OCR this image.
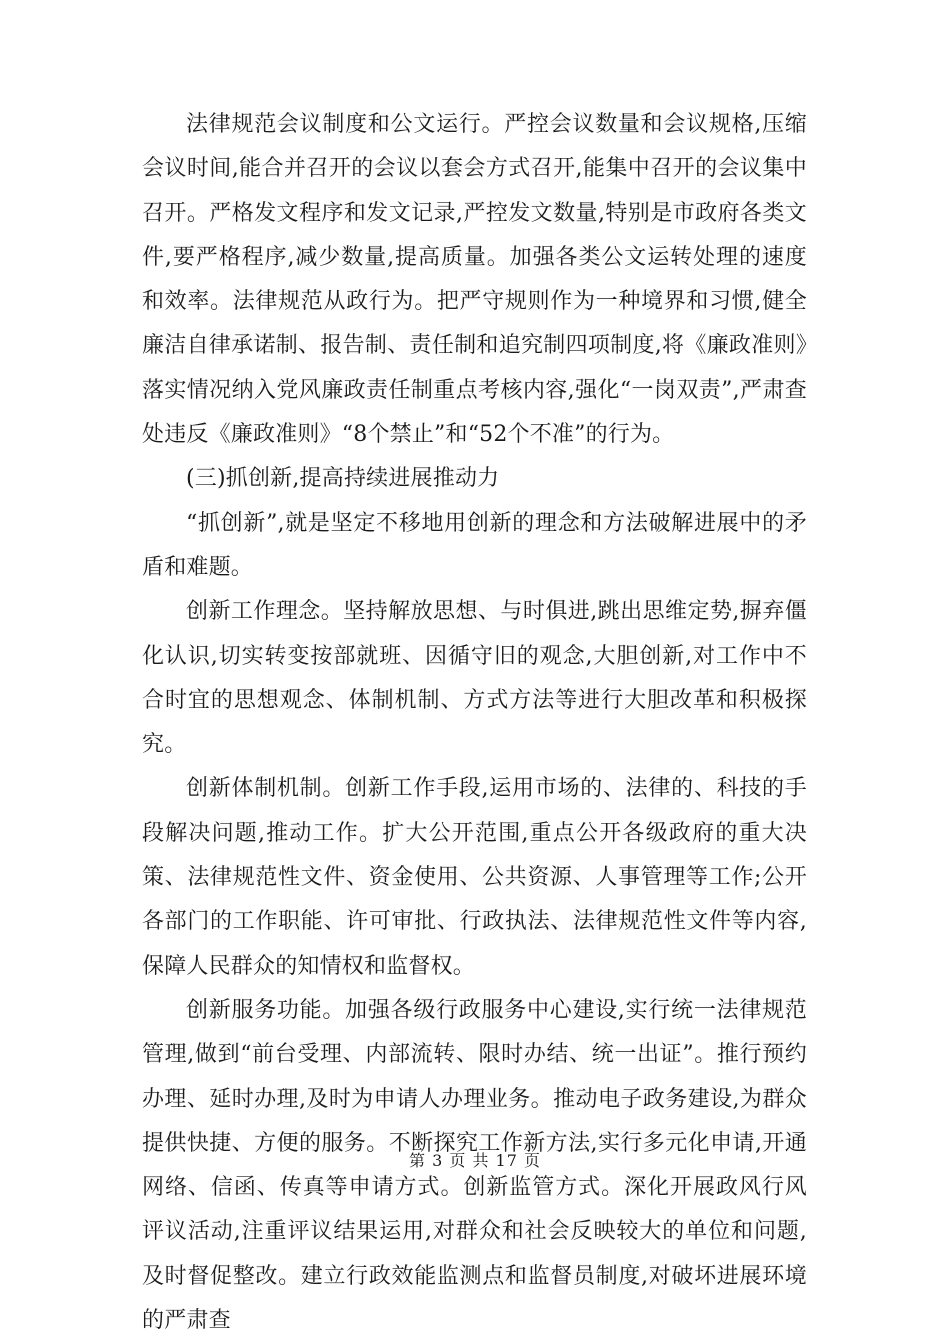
法律规范会议制度和公文运行。严控会议数量和会议规格,压缩会议时间,能合并召开的会议以套会方式召开,能集中召开的会议集中召开。严格发文程序和发文记录,严控发文数量,特别是市政府各类文件,要严格程序,减少数量,提高质量。加强各类公文运转处理的速度和效率。法律规范从政行为。把严守规则作为一种境界和习惯,健全廉洁自律承诺制、报告制、责任制和追究制四项制度,将《廉政准则》落实情况纳入党风廉政责任制重点考核内容,强化“一岗双责”,严肃查处违反《廉政准则》“8个禁止”和“52个不准”的行为。

(三)抓创新,提高持续进展推动力

“抓创新”,就是坚定不移地用创新的理念和方法破解进展中的矛盾和难题。

创新工作理念。坚持解放思想、与时俱进,跳出思维定势,摒弃僵化认识,切实转变按部就班、因循守旧的观念,大胆创新,对工作中不合时宜的思想观念、体制机制、方式方法等进行大胆改革和积极探究。

创新体制机制。创新工作手段,运用市场的、法律的、科技的手段解决问题,推动工作。扩大公开范围,重点公开各级政府的重大决策、法律规范性文件、资金使用、公共资源、人事管理等工作;公开各部门的工作职能、许可审批、行政执法、法律规范性文件等内容,保障人民群众的知情权和监督权。

创新服务功能。加强各级行政服务中心建设,实行统一法律规范管理,做到“前台受理、内部流转、限时办结、统一出证”。推行预约办理、延时办理,及时为申请人办理业务。推动电子政务建设,为群众提供快捷、方便的服务。不断探究工作新方法,实行多元化申请,开通网络、信函、传真等申请方式。创新监管方式。深化开展政风行风评议活动,注重评议结果运用,对群众和社会反映较大的单位和问题,及时督促整改。建立行政效能监测点和监督员制度,对破坏进展环境的严肃查

第 3 页 共 17 页
